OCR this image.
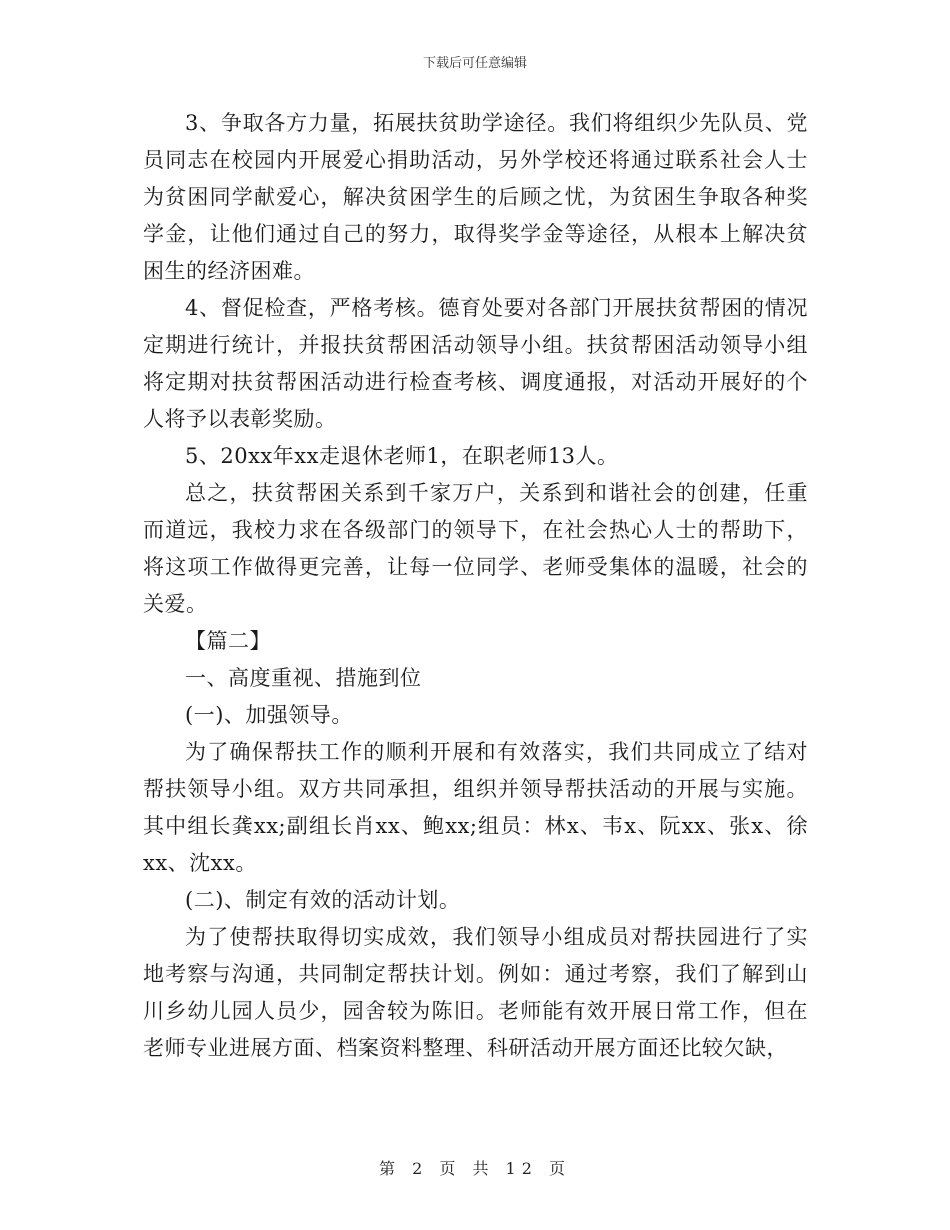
下载后可任意编辑

3、争取各方力量，拓展扶贫助学途径。我们将组织少先队员、党员同志在校园内开展爱心捐助活动，另外学校还将通过联系社会人士为贫困同学献爱心，解决贫困学生的后顾之忧，为贫困生争取各种奖学金，让他们通过自己的努力，取得奖学金等途径，从根本上解决贫困生的经济困难。

4、督促检查，严格考核。德育处要对各部门开展扶贫帮困的情况定期进行统计，并报扶贫帮困活动领导小组。扶贫帮困活动领导小组将定期对扶贫帮困活动进行检查考核、调度通报，对活动开展好的个人将予以表彰奖励。

5、20xx年xx走退休老师1，在职老师13人。

总之，扶贫帮困关系到千家万户，关系到和谐社会的创建，任重而道远，我校力求在各级部门的领导下，在社会热心人士的帮助下，将这项工作做得更完善，让每一位同学、老师受集体的温暖，社会的关爱。

【篇二】

一、高度重视、措施到位

(一)、加强领导。

为了确保帮扶工作的顺利开展和有效落实，我们共同成立了结对帮扶领导小组。双方共同承担，组织并领导帮扶活动的开展与实施。其中组长龚xx;副组长肖xx、鲍xx;组员：林x、韦x、阮xx、张x、徐xx、沈xx。

(二)、制定有效的活动计划。

为了使帮扶取得切实成效，我们领导小组成员对帮扶园进行了实地考察与沟通，共同制定帮扶计划。例如：通过考察，我们了解到山川乡幼儿园人员少，园舍较为陈旧。老师能有效开展日常工作，但在老师专业进展方面、档案资料整理、科研活动开展方面还比较欠缺，

第 2 页 共 12 页
